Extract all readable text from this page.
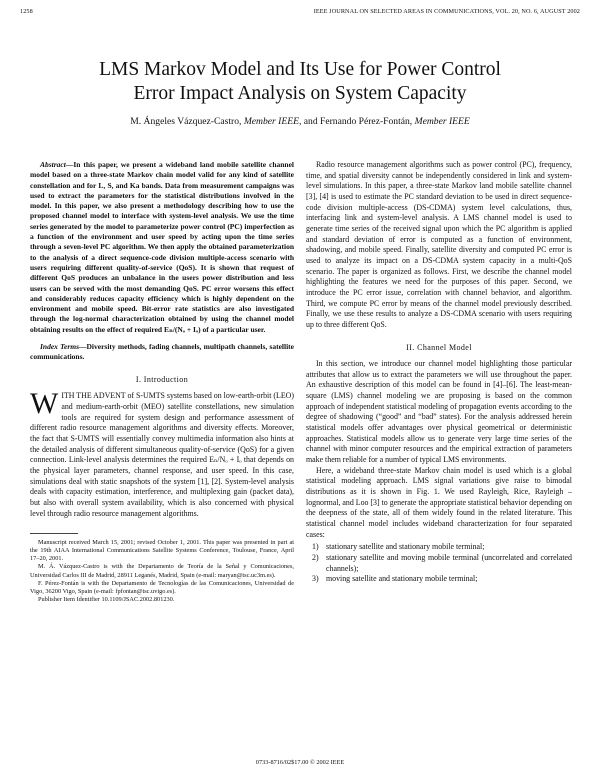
1258	IEEE JOURNAL ON SELECTED AREAS IN COMMUNICATIONS, VOL. 20, NO. 6, AUGUST 2002
LMS Markov Model and Its Use for Power Control
Error Impact Analysis on System Capacity
M. Ángeles Vázquez-Castro, Member IEEE, and Fernando Pérez-Fontán, Member IEEE

Abstract—In this paper, we present a wideband land mobile satellite channel model based on a three-state Markov chain model valid for any kind of satellite constellation and for L, S, and Ka bands. Data from measurement campaigns was used to extract the parameters for the statistical distributions involved in the model. In this paper, we also present a methodology describing how to use the proposed channel model to interface with system-level analysis. We use the time series generated by the model to parameterize power control (PC) imperfection as a function of the environment and user speed by acting upon the time series through a seven-level PC algorithm. We then apply the obtained parameterization to the analysis of a direct sequence-code division multiple-access scenario with users requiring different quality-of-service (QoS). It is shown that request of different QoS produces an unbalance in the users power distribution and less users can be served with the most demanding QoS. PC error worsens this effect and considerably reduces capacity efficiency which is highly dependent on the environment and mobile speed. Bit-error rate statistics are also investigated through the log-normal characterization obtained by using the channel model obtaining results on the effect of required Eₙ/(Nₒ + Iₒ) of a particular user.

Index Terms—Diversity methods, fading channels, multipath channels, satellite communications.

I. Introduction

WITH THE ADVENT of S-UMTS systems based on low-earth-orbit (LEO) and medium-earth-orbit (MEO) satellite constellations, new simulation tools are required for system design and performance assessment of different radio resource management algorithms and diversity effects. Moreover, the fact that S-UMTS will essentially convey multimedia information also hints at the detailed analysis of different simultaneous quality-of-service (QoS) for a given connection. Link-level analysis determines the required Eₙ/Nₒ + Iₒ that depends on the physical layer parameters, channel response, and user speed. In this case, simulations deal with static snapshots of the system [1], [2]. System-level analysis deals with capacity estimation, interference, and multiplexing gain (packet data), but also with overall system availability, which is also concerned with physical level through radio resource management algorithms.

Manuscript received March 15, 2001; revised October 1, 2001. This paper was presented in part at the 19th AIAA International Communications Satellite Systems Conference, Toulouse, France, April 17–20, 2001.

M. Á. Vázquez-Castro is with the Departamento de Teoría de la Señal y Comunicaciones, Universidad Carlos III de Madrid, 28911 Leganés, Madrid, Spain (e-mail: maryan@tsc.uc3m.es).

F. Pérez-Fontán is with the Departamento de Tecnologías de las Comunicaciones, Universidad de Vigo, 36200 Vigo, Spain (e-mail: fpfontan@tsc.uvigo.es).

Publisher Item Identifier 10.1109/JSAC.2002.801230.

Radio resource management algorithms such as power control (PC), frequency, time, and spatial diversity cannot be independently considered in link and system-level simulations. In this paper, a three-state Markov land mobile satellite channel [3], [4] is used to estimate the PC standard deviation to be used in direct sequence-code division multiple-access (DS-CDMA) system level calculations, thus, interfacing link and system-level analysis. A LMS channel model is used to generate time series of the received signal upon which the PC algorithm is applied and standard deviation of error is computed as a function of environment, shadowing, and mobile speed. Finally, satellite diversity and computed PC error is used to analyze its impact on a DS-CDMA system capacity in a multi-QoS scenario. The paper is organized as follows. First, we describe the channel model highlighting the features we need for the purposes of this paper. Second, we introduce the PC error issue, correlation with channel behavior, and algorithm. Third, we compute PC error by means of the channel model previously described. Finally, we use these results to analyze a DS-CDMA scenario with users requiring up to three different QoS.

II. Channel Model

In this section, we introduce our channel model highlighting those particular attributes that allow us to extract the parameters we will use throughout the paper. An exhaustive description of this model can be found in [4]–[6]. The least-mean-square (LMS) channel modeling we are proposing is based on the common approach of independent statistical modeling of propagation events according to the degree of shadowing (“good” and “bad” states). For the analysis addressed herein statistical models offer advantages over physical geometrical or deterministic approaches. Statistical models allow us to generate very large time series of the channel with minor computer resources and the empirical extraction of parameters make them reliable for a number of typical LMS environments.

Here, a wideband three-state Markov chain model is used which is a global statistical modeling approach. LMS signal variations give raise to bimodal distributions as it is shown in Fig. 1. We used Rayleigh, Rice, Rayleigh – lognormal, and Loo [3] to generate the appropriate statistical behavior depending on the deepness of the state, all of them widely found in the related literature. This statistical channel model includes wideband characterization for four separated cases:

1) stationary satellite and stationary mobile terminal;
2) stationary satellite and moving mobile terminal (uncorrelated and correlated channels);
3) moving satellite and stationary mobile terminal;
0733-8716/02$17.00 © 2002 IEEE
